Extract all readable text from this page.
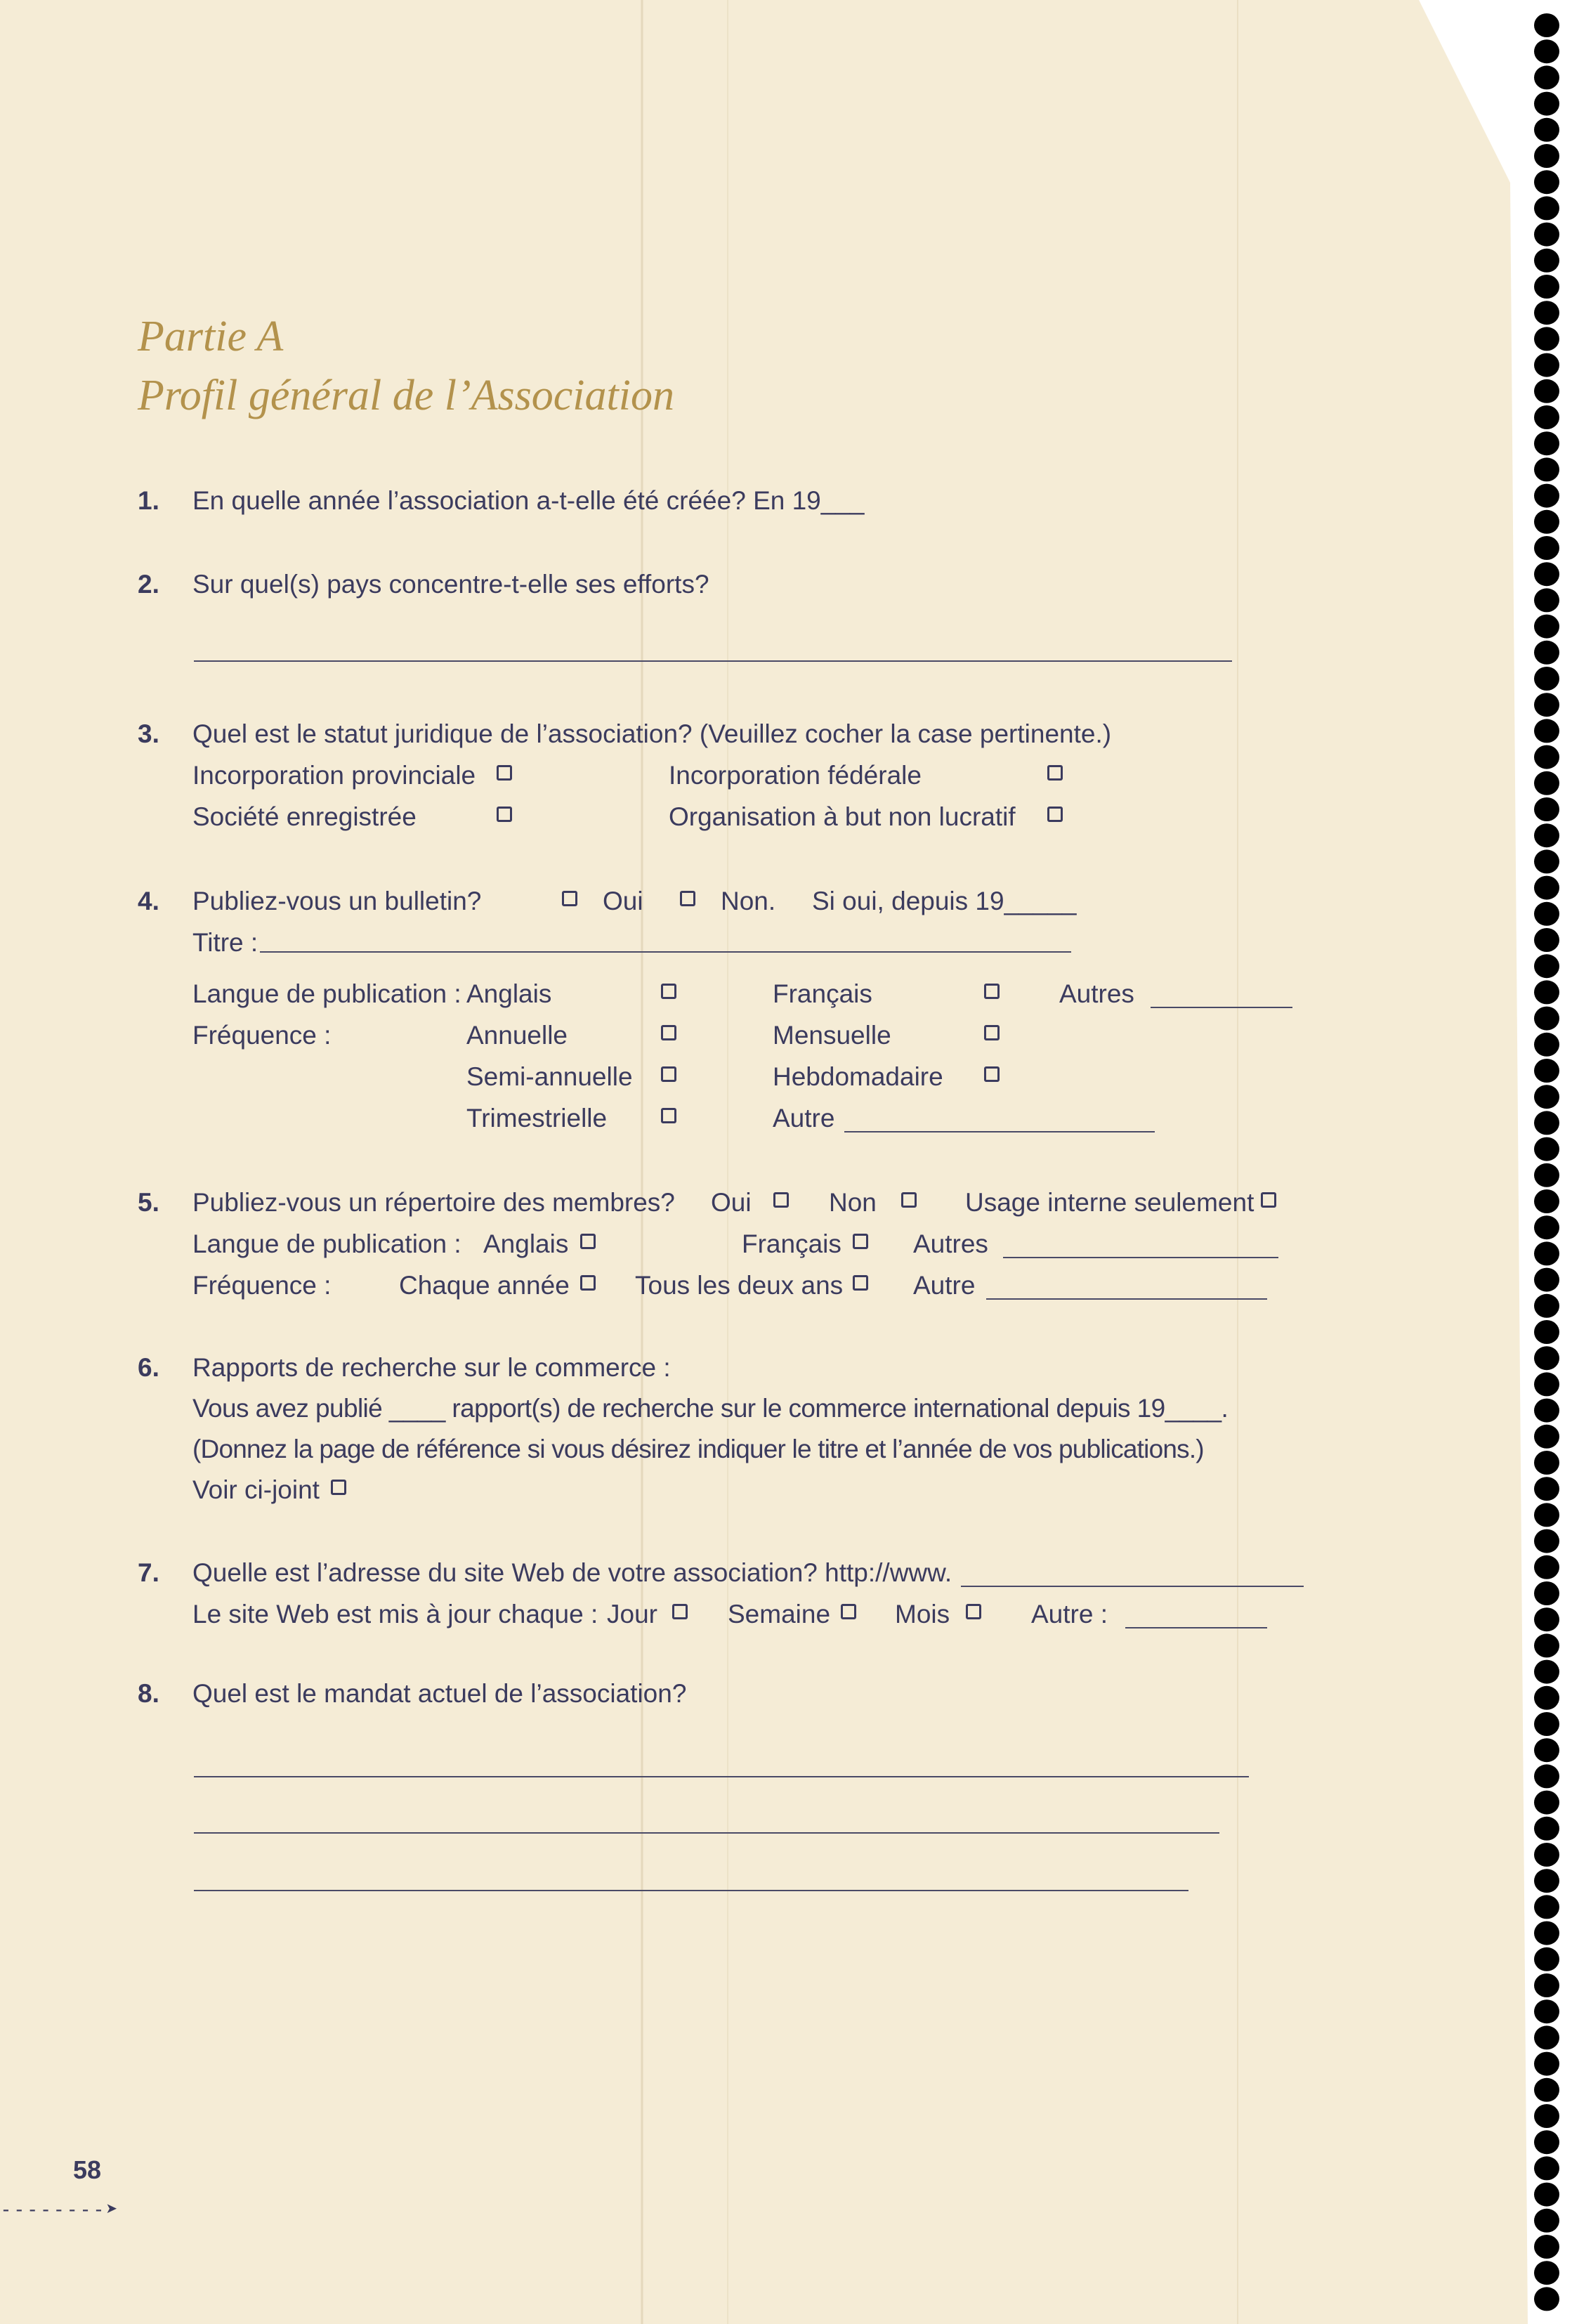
Partie A
Profil général de l’Association
1. En quelle année l’association a-t-elle été créée? En 19___
2. Sur quel(s) pays concentre-t-elle ses efforts?
3. Quel est le statut juridique de l’association? (Veuillez cocher la case pertinente.)
Incorporation provinciale	Incorporation fédérale
Société enregistrée	Organisation à but non lucratif
4. Publiez-vous un bulletin?	Oui	Non. Si oui, depuis 19_____
Titre :
Langue de publication : Anglais	Français	Autres
Fréquence :	Annuelle	Mensuelle
Semi-annuelle	Hebdomadaire
Trimestrielle	Autre
5. Publiez-vous un répertoire des membres? Oui	Non	Usage interne seulement
Langue de publication : Anglais	Français	Autres
Fréquence :	Chaque année	Tous les deux ans	Autre
6. Rapports de recherche sur le commerce :
Vous avez publié ____ rapport(s) de recherche sur le commerce international depuis 19____.
(Donnez la page de référence si vous désirez indiquer le titre et l’année de vos publications.)
Voir ci-joint
7. Quelle est l’adresse du site Web de votre association? http://www.
Le site Web est mis à jour chaque : Jour	Semaine Mois	Autre :
8. Quel est le mandat actuel de l’association?
58
--------➤
